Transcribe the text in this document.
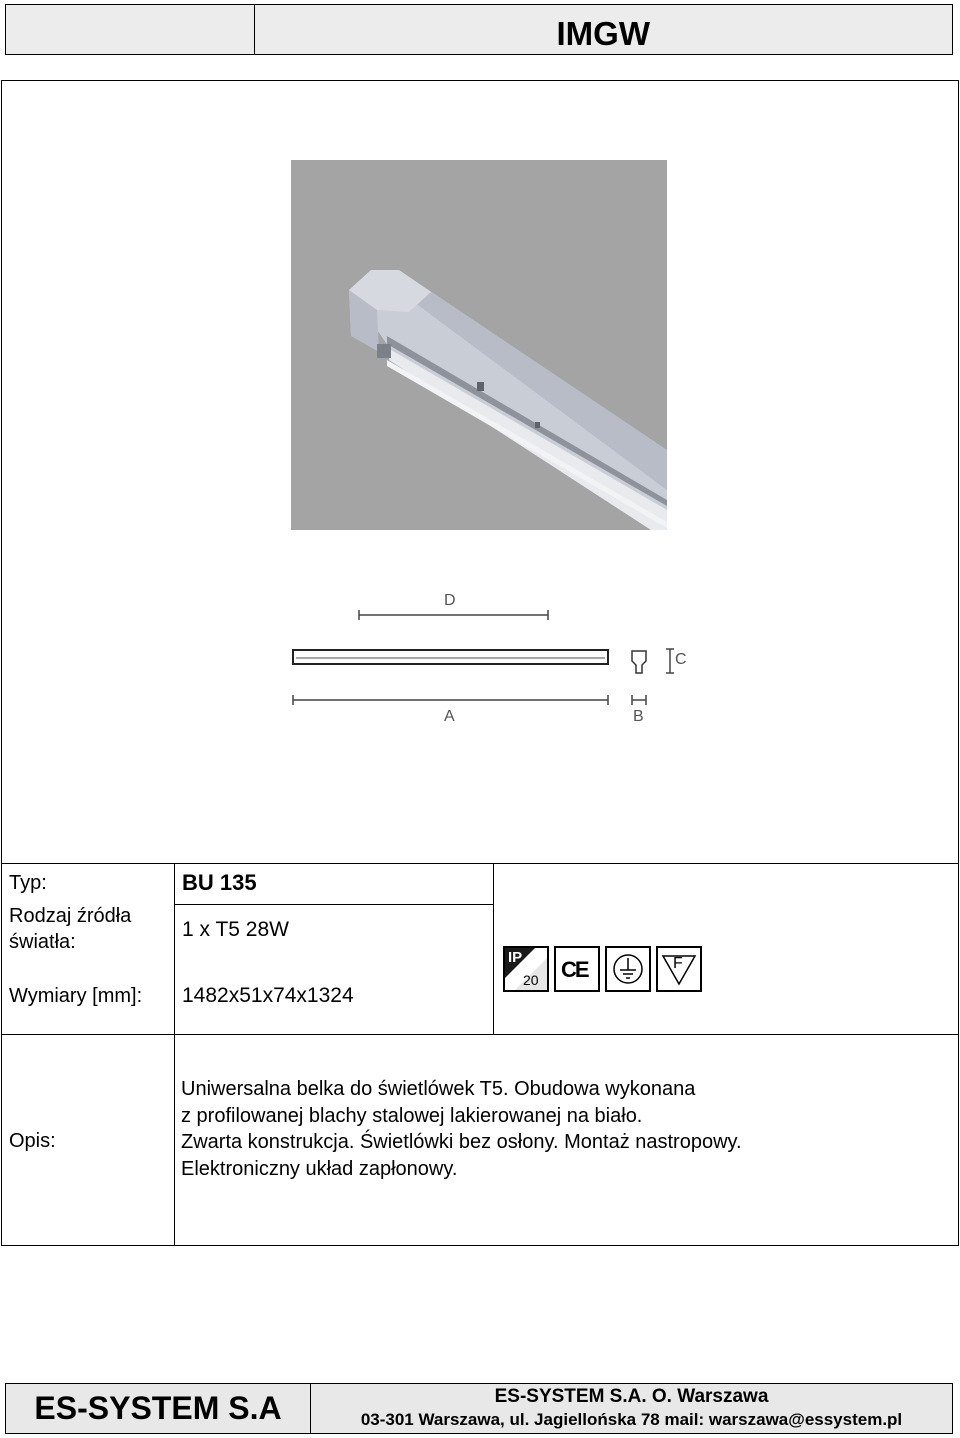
IMGW
D
A	B
C
Typ:	BU 135
Rodzaj źródła
światła:
1 x T5 28W
Wymiary [mm]: 1482x51x74x1324
IP
20 CE	F
Opis:
Uniwersalna belka do świetlówek T5. Obudowa wykonana
z profilowanej blachy stalowej lakierowanej na biało.
Zwarta konstrukcja. Świetlówki bez osłony. Montaż nastropowy.
Elektroniczny układ zapłonowy.
ES-SYSTEM S.A	ES-SYSTEM S.A. O. Warszawa
03-301 Warszawa, ul. Jagiellońska 78 mail: warszawa@essystem.pl
